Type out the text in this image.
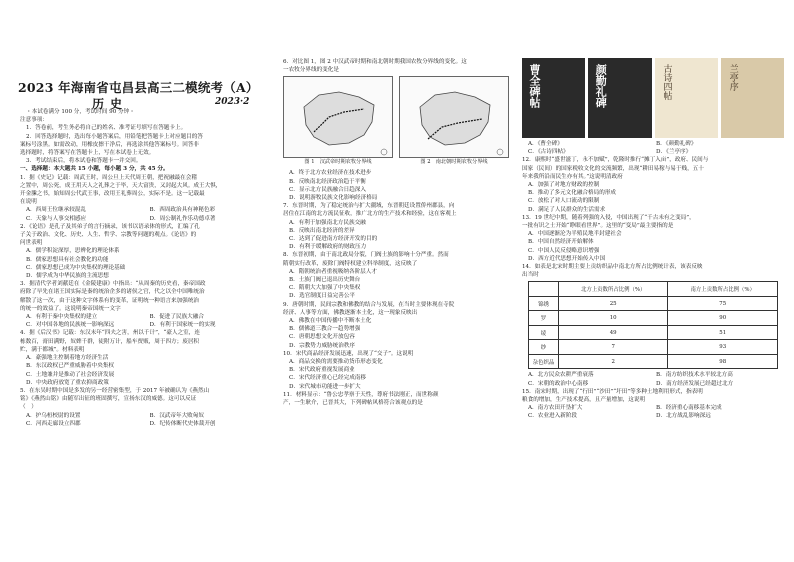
2023 年海南省屯昌县高三二模统考（A）
历史	2023·2
・本试卷满分 100 分，考试时间 90 分钟・
注意事项：
1．答卷前，考生务必将自己的姓名、准考证号填写在答题卡上。
2．回答选择题时，选出每小题答案后，用铅笔把答题卡上对应题目的答
案标号涂黑。如需改动，用橡皮擦干净后，再选涂其他答案标号。回答非
选择题时，将答案写在答题卡上，写在本试卷上无效。
3．考试结束后，将本试卷和答题卡一并交回。
一、选择题：本大题共 15 小题，每小题 3 分，共 45 分。
1．据《史记》记载：周武王时，周公旦上天代周王朝，把祝融最在会稽
之置中，周公死，成王用天人之礼葬之于毕，天大富贵，又封起大风。成王大惧，
开金縢之书，始知周公代武王事，改用王礼葬周公，实际不是。这一记载最
在说明
A．西周王位继承较混乱	B．西周政治具有神秘色彩
C．天象与人事交相感应	D．周公制礼作乐功德卓著
2．《论语》是孔子及其弟子的言行摘录，该书以语录体的形式，汇编了孔
子关于政治、文化、历史、人生、哲学、宗教等问题的观点。《论语》的
问世表明
A．儒学积淀深厚，思辨化的理论体系
B．儒家思想具有社会教化的功能
C．儒家思想已成为中央集权的理论基础
D．儒学成为中华民族的主流思想
3．据清代学者刘献廷在《金陵建康》中指出：“从周秦的历史看，秦帝国政
府除了早先在诸王国实际是秦的统治企多的诸侯之官，代之以全中国唯统治
解散了这一次，由于这种文字体系有的变革，证明统一种语言来加强统治
的统一的效益了。这说明秦帝国统一文字
A．有利于秦中央集权的建立	B．促进了民族大融合
C．对中国各地的民族统一影响深远	D．有利于国家统一的实现
4．据《后汉书》记载：东汉末年“四夫之害，州以千计”，“豪人之室，连
栋数百，膏田满野，奴婢千群，徒附万计，船车贾贩，周于四方；废居积
贮，满于都城”。材料表明
A．豪强地主控制着地方经济生活
B．东汉政权已严重威胁着中央集权
C．土地兼并是推动了社会经济发展
D．中央政府放宽了重农抑商政策
5．在东吴时期中国是多发的另一经营密集型，于 2017 年被确认为《燕然山
铭》《燕然山铭》由随军出征的班固撰写，宣扬东汉的威德。这可以反证
（　）
A．护乌桓校尉的设置	B．汉武帝年大败匈奴
C．河西走廊设立四郡	D．纪传体断代史体裁开创
6．对比图 1，图 2 中汉武帝时期和南北朝时期我国农牧分界线的变化。这
一农牧分界线的变化是
图 1　汉武帝时期农牧分界线	图 2　南北朝时期农牧分界线
A．终于北方农业经济在技术进步
B．反映南北经济政治趋于平衡
C．显示北方民族融合日趋深入
D．说明游牧民族文化影响经济格局
7．东晋时期，为了稳定统治与扩大疆域，东晋朝廷设置侨州郡县，向
居住在江南的北方流民征收，推广北方的生产技术和经验，这在客观上
A．有利于加强南北方民族交融
B．反映出南北经济的差异
C．达到了促进南方经济开发的目的
D．有利于缓解政府的财政压力
8．东晋初期，由于南北政局分裂，门阀士族的影响十分严重。然而
隋朝实行改革，废除门阀特权建立科举制度，这反映了
A．隋朝统治者重视吸纳各阶层人才
B．士族门阀已退出历史舞台
C．隋朝大大加强了中央集权
D．选官制度日益完善公平
9．唐朝时期，民间宗教和佛教的结合与发展，在当时主要体现在寺院
经济、人事等方面，佛教逐渐本土化，这一现象反映出
A．佛教在中国传播中不断本土化
B．儒佛道三教合一趋势增强
C．唐朝思想文化开放包容
D．宗教势力威胁统治秩序
10．宋代商品经济发展迅速，出现了“交子”。这说明
A．商品交换的需要推动货币形态变化
B．宋代政府重视发展商业
C．宋代经济重心已经完成南移
D．宋代城市功能进一步扩大
11．材料显示：“鲁公忠孝禀于天性，尊府书法刚正，而世称颜
产，一生耿介，已晋其大，下列碑帖风格符合该观点的是
曹全碑帖	颜勤礼碑	古诗四帖	兰亭序
A．《曹全碑》	B．《颜勤礼碑》
C．《古诗四帖》	D．《兰亭序》
12．康熙时“盛世滋丁，永不加赋”，乾隆时推行“摊丁入亩”，政府、民间与
国家（民间）的国家税收文化的交流频繁，出现“耕田易稼与易于贱，五十
年来我所沿而民生亦有其。”这说明清政府
A．加强了对地方财政的控制
B．推动了多元文化融合格局的形成
C．放松了对人口流动的限制
D．满足了人民群众的生活需求
13．19 世纪中期，随着列强的入侵，中国出现了“千古未有之变局”，
一批有识之士开始“睁眼看世界”。这里的“变局”最主要指的是
A．中国逐渐沦为半殖民地半封建社会
B．中国自然经济开始解体
C．中国人民反侵略意识增强
D．西方近代思想开始传入中国
14．如表是北宋时期主要上贡纺织品中南北方所占比例统计表，该表反映
出当时
	北方上贡数所占比例（%）	南方上贡数所占比例（%）
锦绣	25	75
罗	10	90
绫	49	51
纱	7	93
杂色织品	2	98
A．北方民众农耕严重衰落	B．南方纺织技术水平较北方高
C．宋朝的政治中心南移	D．南方经济发展已经超过北方
15．南宋时期，出现了“行田”“沙田”“圩田”等多种土地利用形式，指表明
粮食的增加，生产技术提高，且产量增加，这说明
A．南方农田开垦扩大	B．经济重心南移基本完成
C．农业进入新阶段	D．北方战乱影响深远
